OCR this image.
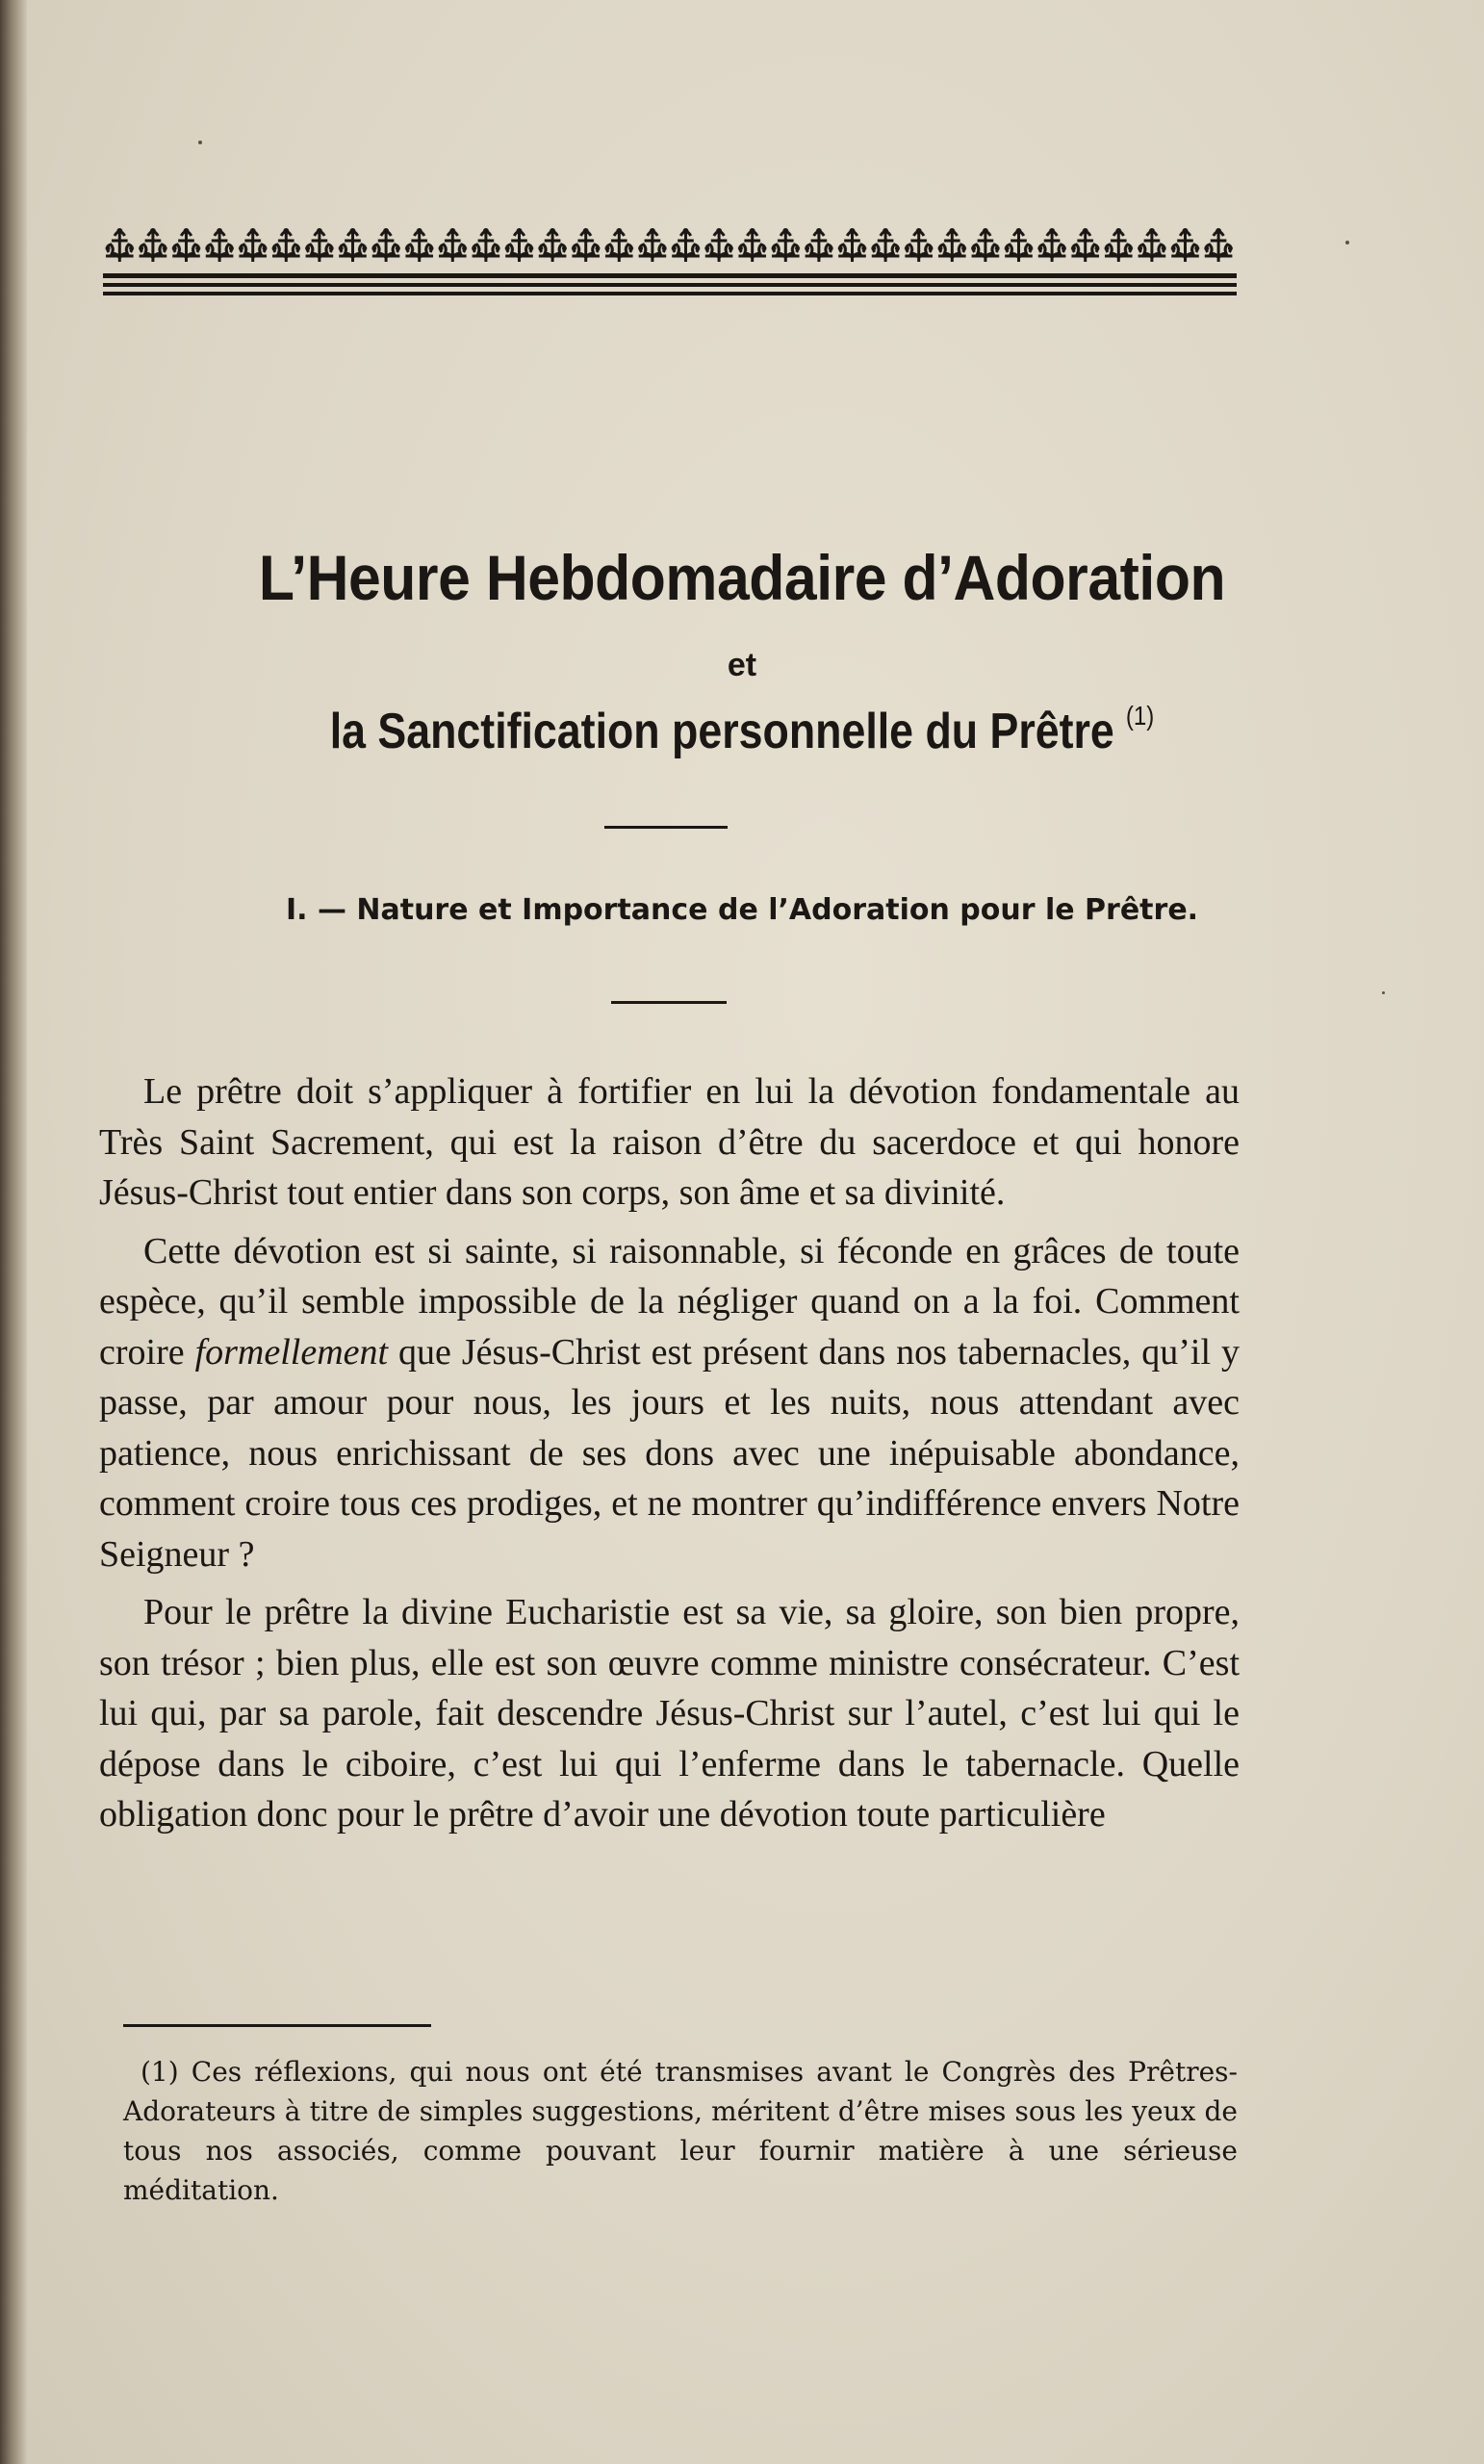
L’Heure Hebdomadaire d’Adoration
et
la Sanctification personnelle du Prêtre $^{(1)}$
I. — Nature et Importance de l’Adoration pour le Prêtre.

Le prêtre doit s’appliquer à fortifier en lui la dévotion fondamentale au Très Saint Sacrement, qui est la raison d’être du sacerdoce et qui honore Jésus-Christ tout entier dans son corps, son âme et sa divinité.

Cette dévotion est si sainte, si raisonnable, si féconde en grâces de toute espèce, qu’il semble impossible de la négliger quand on a la foi. Comment croire formellement que Jésus-Christ est présent dans nos tabernacles, qu’il y passe, par amour pour nous, les jours et les nuits, nous attendant avec patience, nous enrichissant de ses dons avec une inépuisable abondance, comment croire tous ces prodiges, et ne montrer qu’indifférence envers Notre Seigneur ?

Pour le prêtre la divine Eucharistie est sa vie, sa gloire, son bien propre, son trésor ; bien plus, elle est son œuvre comme ministre consécrateur. C’est lui qui, par sa parole, fait descendre Jésus-Christ sur l’autel, c’est lui qui le dépose dans le ciboire, c’est lui qui l’enferme dans le tabernacle. Quelle obligation donc pour le prêtre d’avoir une dévotion toute particulière

(1) Ces réflexions, qui nous ont été transmises avant le Congrès des Prêtres-Adorateurs à titre de simples suggestions, méritent d’être mises sous les yeux de tous nos associés, comme pouvant leur fournir matière à une sérieuse méditation.
